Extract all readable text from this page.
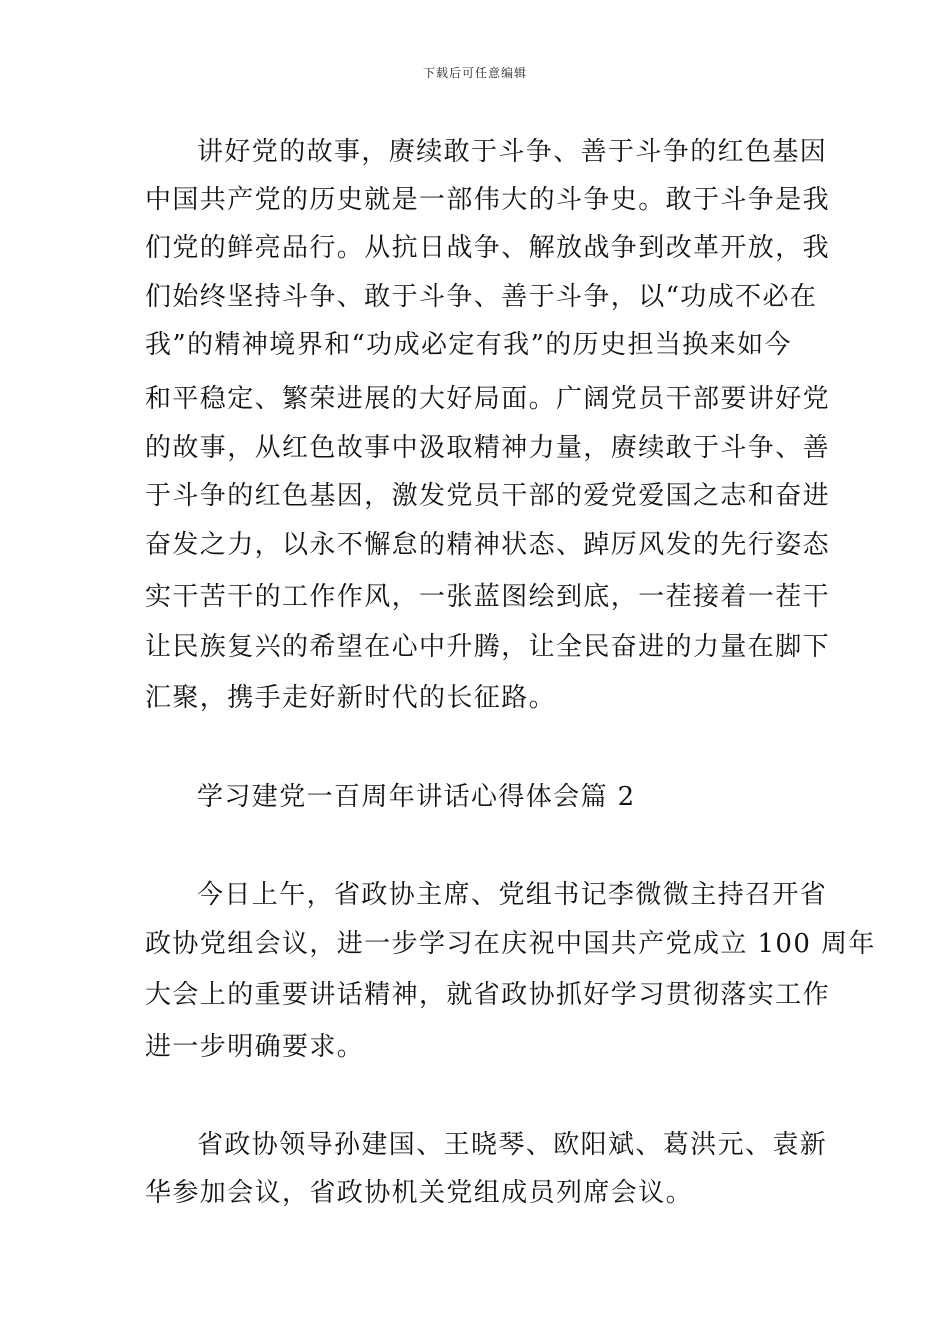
下载后可任意编辑
讲好党的故事，赓续敢于斗争、善于斗争的红色基因
中国共产党的历史就是一部伟大的斗争史。敢于斗争是我
们党的鲜亮品行。从抗日战争、解放战争到改革开放，我
们始终坚持斗争、敢于斗争、善于斗争，以“功成不必在
我”的精神境界和“功成必定有我”的历史担当换来如今
和平稳定、繁荣进展的大好局面。广阔党员干部要讲好党
的故事，从红色故事中汲取精神力量，赓续敢于斗争、善
于斗争的红色基因，激发党员干部的爱党爱国之志和奋进
奋发之力，以永不懈怠的精神状态、踔厉风发的先行姿态
实干苦干的工作作风，一张蓝图绘到底，一茬接着一茬干
让民族复兴的希望在心中升腾，让全民奋进的力量在脚下
汇聚，携手走好新时代的长征路。
学习建党一百周年讲话心得体会篇 2
今日上午，省政协主席、党组书记李微微主持召开省
政协党组会议，进一步学习在庆祝中国共产党成立 100 周年
大会上的重要讲话精神，就省政协抓好学习贯彻落实工作
进一步明确要求。
省政协领导孙建国、王晓琴、欧阳斌、葛洪元、袁新
华参加会议，省政协机关党组成员列席会议。
